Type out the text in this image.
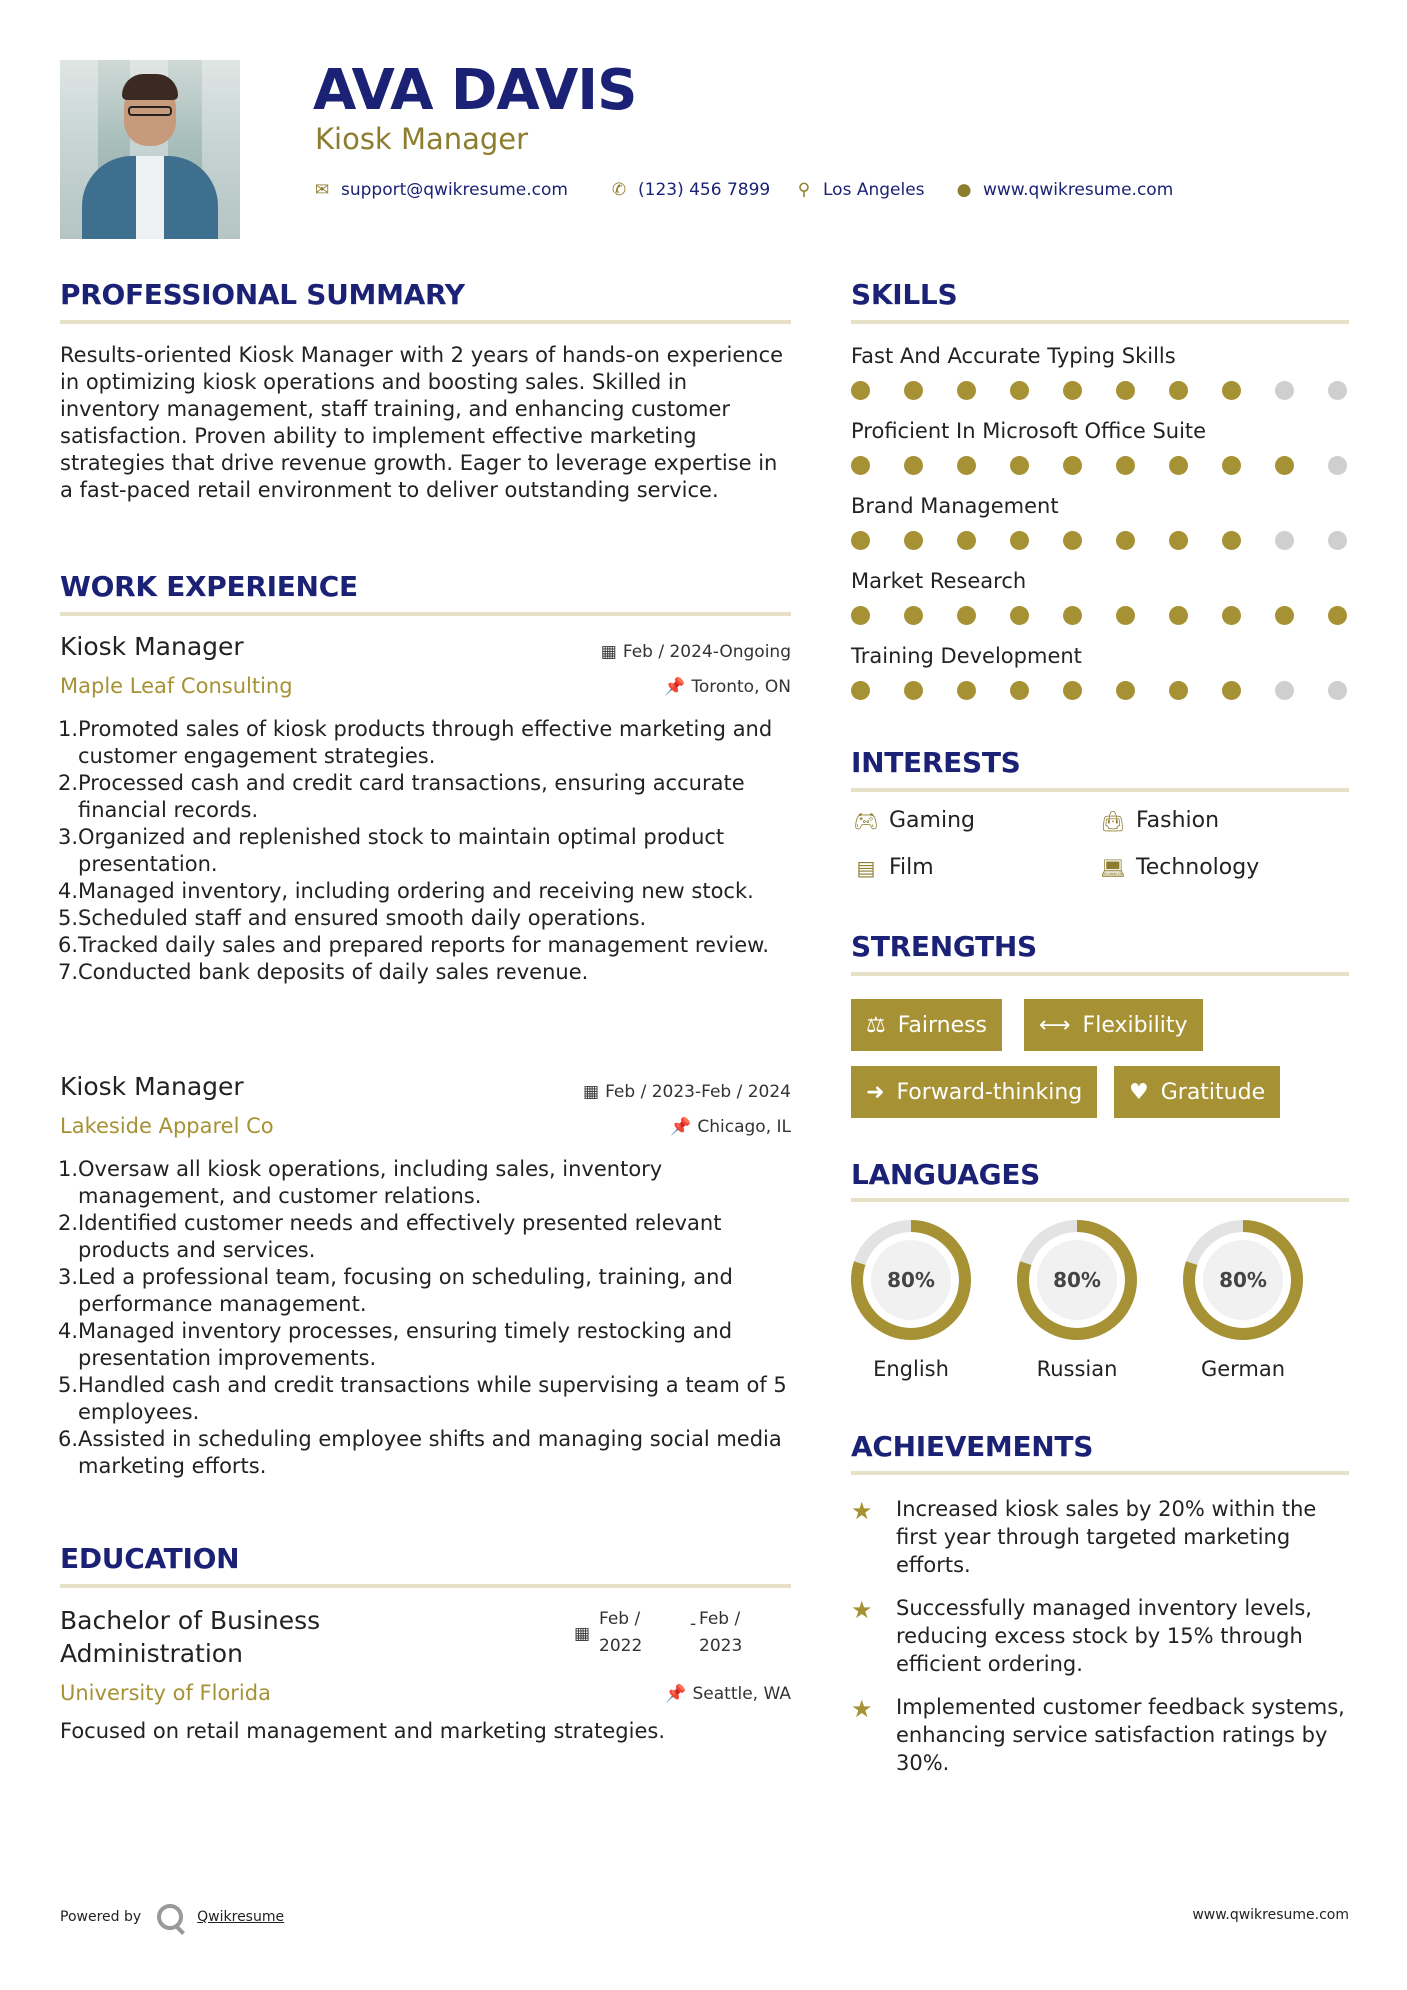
AVA DAVIS
Kiosk Manager
✉ support@qwikresume.com	✆ (123) 456 7899 ⚲ Los Angeles ● www.qwikresume.com
PROFESSIONAL SUMMARY
Results-oriented Kiosk Manager with 2 years of hands-on experience in optimizing kiosk operations and boosting sales. Skilled in inventory management, staff training, and enhancing customer satisfaction. Proven ability to implement effective marketing strategies that drive revenue growth. Eager to leverage expertise in a fast-paced retail environment to deliver outstanding service.
WORK EXPERIENCE
Kiosk Manager	▦ Feb / 2024-Ongoing
Maple Leaf Consulting	📌 Toronto, ON
1. Promoted sales of kiosk products through effective marketing and customer engagement strategies.
2. Processed cash and credit card transactions, ensuring accurate financial records.
3. Organized and replenished stock to maintain optimal product presentation.
4. Managed inventory, including ordering and receiving new stock.
5. Scheduled staff and ensured smooth daily operations.
6. Tracked daily sales and prepared reports for management review.
7. Conducted bank deposits of daily sales revenue.
Kiosk Manager	▦ Feb / 2023-Feb / 2024
Lakeside Apparel Co	📌 Chicago, IL
1. Oversaw all kiosk operations, including sales, inventory management, and customer relations.
2. Identified customer needs and effectively presented relevant products and services.
3. Led a professional team, focusing on scheduling, training, and performance management.
4. Managed inventory processes, ensuring timely restocking and presentation improvements.
5. Handled cash and credit transactions while supervising a team of 5 employees.
6. Assisted in scheduling employee shifts and managing social media marketing efforts.
EDUCATION
Bachelor of Business Administration
▦
Feb /
2022
- Feb /
2023
University of Florida	📌 Seattle, WA
Focused on retail management and marketing strategies.
SKILLS
Fast And Accurate Typing Skills
Proficient In Microsoft Office Suite
Brand Management
Market Research
Training Development
INTERESTS
🎮︎ Gaming	👜︎ Fashion
▤ Film	💻︎ Technology
STRENGTHS
⚖ Fairness ⟷ Flexibility
➜ Forward-thinking ♥ Gratitude
LANGUAGES
80%
English
80%
Russian
80%
German
ACHIEVEMENTS
★ Increased kiosk sales by 20% within the first year through targeted marketing efforts.
★ Successfully managed inventory levels, reducing excess stock by 15% through efficient ordering.
★ Implemented customer feedback systems, enhancing service satisfaction ratings by 30%.
Powered by	Qwikresume	www.qwikresume.com
